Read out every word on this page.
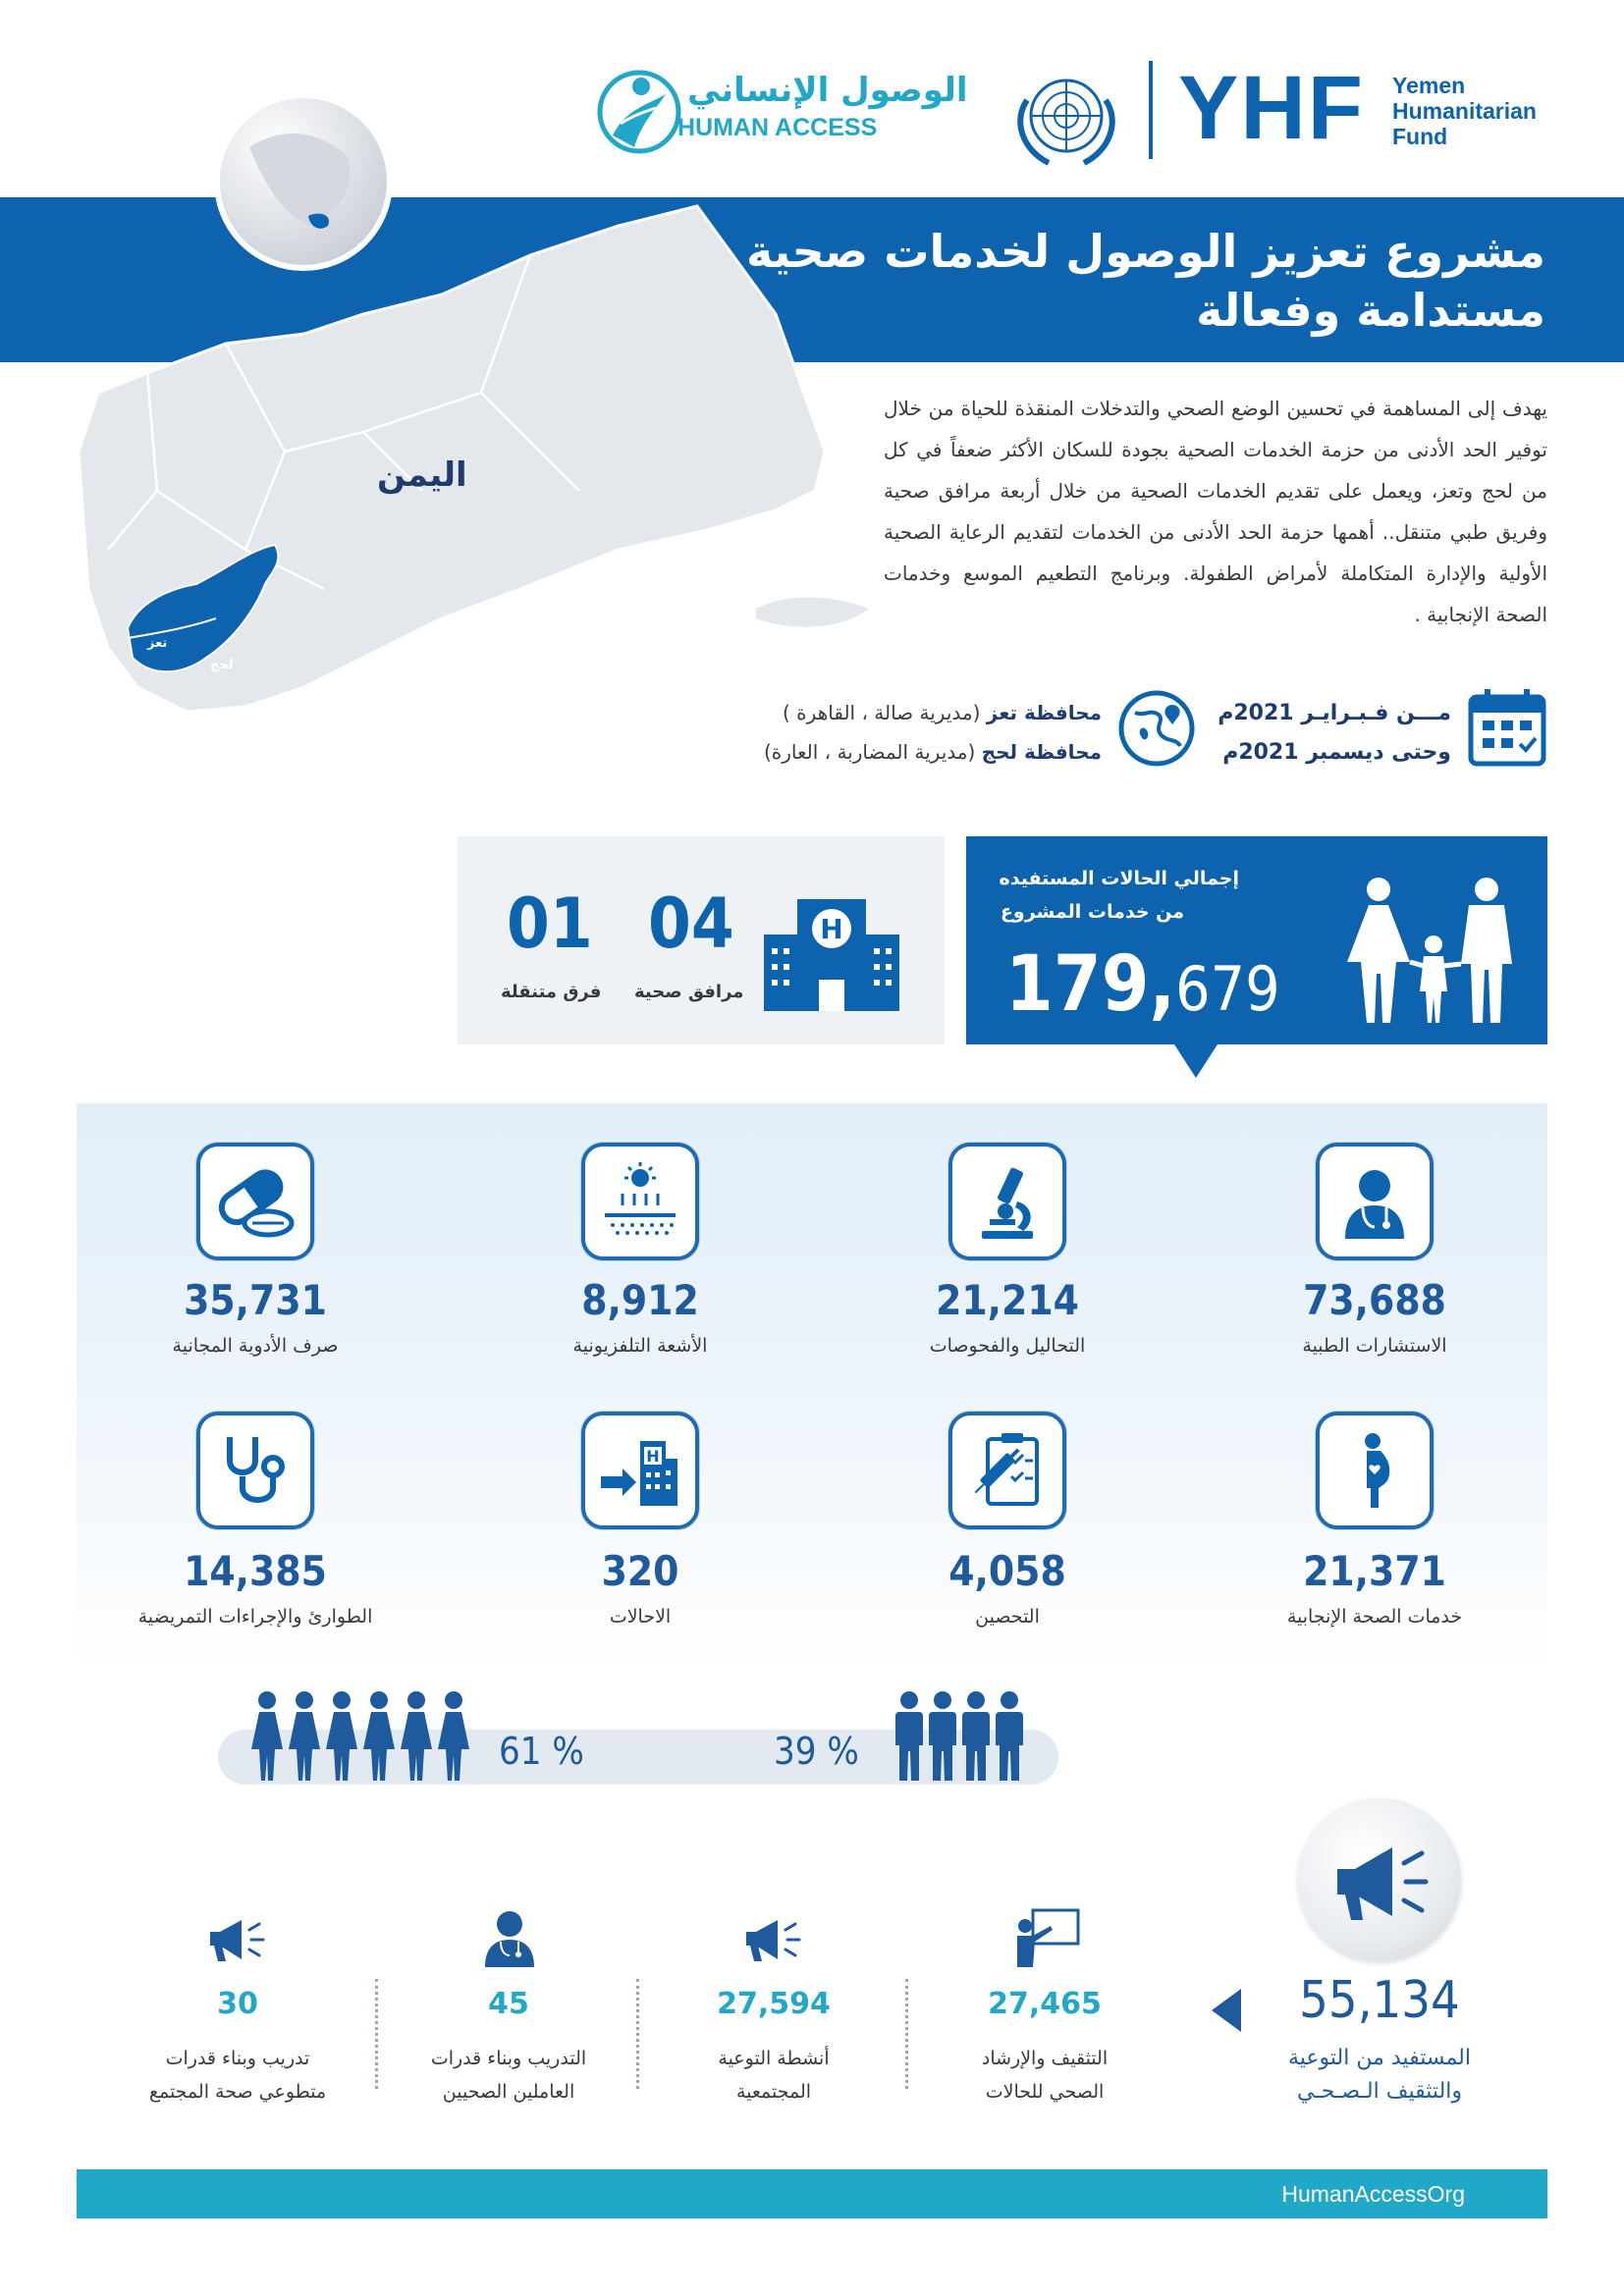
الوصول الإنساني
HUMAN ACCESS	YHF Yemen
Humanitarian
Fund
اليمن
تعز
لحج
مشروع تعزيز الوصول لخدمات صحية مستدامة وفعالة
يهدف إلى المساهمة في تحسين الوضع الصحي والتدخلات المنقذة للحياة من خلال توفير الحد الأدنى من حزمة الخدمات الصحية بجودة للسكان الأكثر ضعفاً في كل من لحج وتعز، ويعمل على تقديم الخدمات الصحية من خلال أربعة مرافق صحية وفريق طبي متنقل.. أهمها حزمة الحد الأدنى من الخدمات لتقديم الرعاية الصحية الأولية والإدارة المتكاملة لأمراض الطفولة. وبرنامج التطعيم الموسع وخدمات الصحة الإنجابية .
مـــن فـبـرايـر 2021م
وحتى ديسمبر 2021م
محافظة تعز (مديرية صالة ، القاهرة )
محافظة لحج (مديرية المضاربة ، العارة)
01
فرق متنقلة
04
مرافق صحية
H
إجمالي الحالات المستفيده
من خدمات المشروع
179,679
73,688
الاستشارات الطبية
21,214
التحاليل والفحوصات
8,912
الأشعة التلفزيونية
35,731
صرف الأدوية المجانية
H
21,371
خدمات الصحة الإنجابية
4,058
التحصين
320
الاحالات
14,385
الطوارئ والإجراءات التمريضية
% 61	% 39
55,134
المستفيد من التوعية
والتثقيف الـصـحـي
27,465
التثقيف والإرشاد
الصحي للحالات
27,594
أنشطة التوعية
المجتمعية
45
التدريب وبناء قدرات
العاملين الصحيين
30
تدريب وبناء قدرات
متطوعي صحة المجتمع
HumanAccessOrg
